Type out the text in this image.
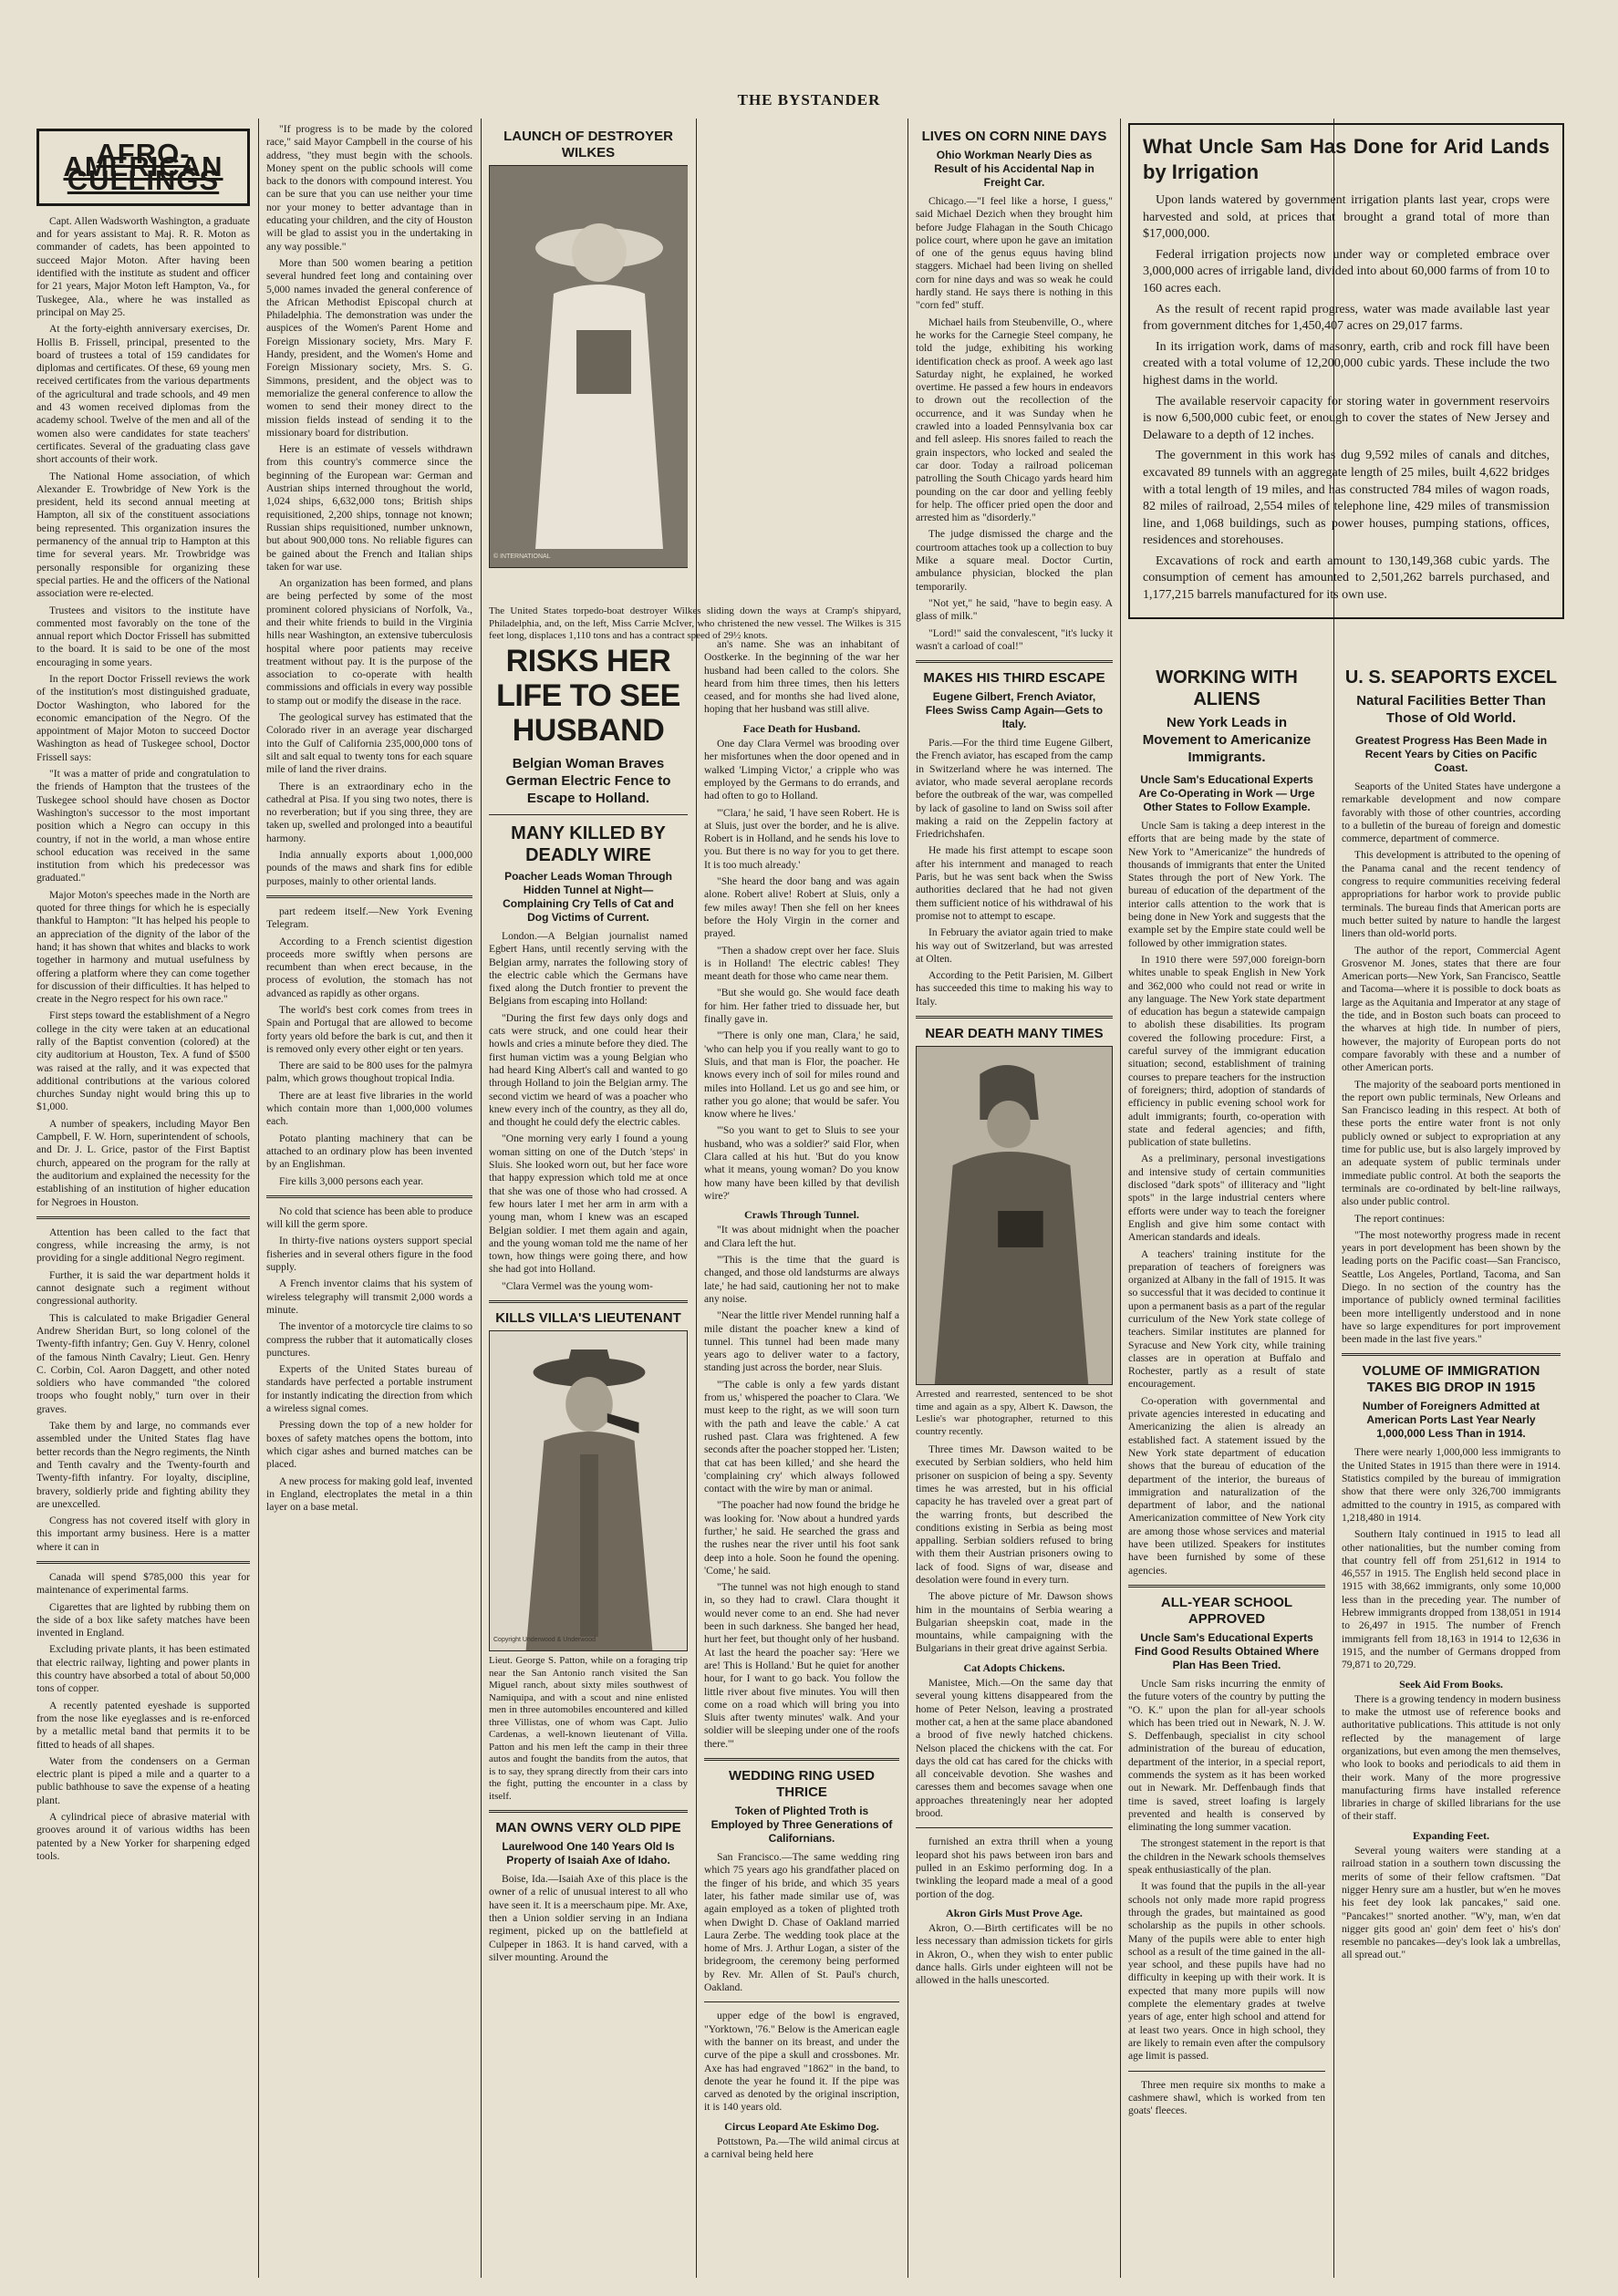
THE BYSTANDER
AFRO-AMERICAN CULLINGS

Capt. Allen Wadsworth Washington, a graduate and for years assistant to Maj. R. R. Moton as commander of cadets, has been appointed to succeed Major Moton. After having been identified with the institute as student and officer for 21 years, Major Moton left Hampton, Va., for Tuskegee, Ala., where he was installed as principal on May 25.

At the forty-eighth anniversary exercises, Dr. Hollis B. Frissell, principal, presented to the board of trustees a total of 159 candidates for diplomas and certificates. Of these, 69 young men received certificates from the various departments of the agricultural and trade schools, and 49 men and 43 women received diplomas from the academy school. Twelve of the men and all of the women also were candidates for state teachers' certificates. Several of the graduating class gave short accounts of their work.

The National Home association, of which Alexander E. Trowbridge of New York is the president, held its second annual meeting at Hampton, all six of the constituent associations being represented. This organization insures the permanency of the annual trip to Hampton at this time for several years. Mr. Trowbridge was personally responsible for organizing these special parties. He and the officers of the National association were re-elected.

Trustees and visitors to the institute have commented most favorably on the tone of the annual report which Doctor Frissell has submitted to the board. It is said to be one of the most encouraging in some years.

In the report Doctor Frissell reviews the work of the institution's most distinguished graduate, Doctor Washington, who labored for the economic emancipation of the Negro. Of the appointment of Major Moton to succeed Doctor Washington as head of Tuskegee school, Doctor Frissell says:

"It was a matter of pride and congratulation to the friends of Hampton that the trustees of the Tuskegee school should have chosen as Doctor Washington's successor to the most important position which a Negro can occupy in this country, if not in the world, a man whose entire school education was received in the same institution from which his predecessor was graduated."

Major Moton's speeches made in the North are quoted for three things for which he is especially thankful to Hampton: "It has helped his people to an appreciation of the dignity of the labor of the hand; it has shown that whites and blacks to work together in harmony and mutual usefulness by offering a platform where they can come together for discussion of their difficulties. It has helped to create in the Negro respect for his own race."

First steps toward the establishment of a Negro college in the city were taken at an educational rally of the Baptist convention (colored) at the city auditorium at Houston, Tex. A fund of $500 was raised at the rally, and it was expected that additional contributions at the various colored churches Sunday night would bring this up to $1,000.

A number of speakers, including Mayor Ben Campbell, F. W. Horn, superintendent of schools, and Dr. J. L. Grice, pastor of the First Baptist church, appeared on the program for the rally at the auditorium and explained the necessity for the establishing of an institution of higher education for Negroes in Houston.

Attention has been called to the fact that congress, while increasing the army, is not providing for a single additional Negro regiment.

Further, it is said the war department holds it cannot designate such a regiment without congressional authority.

This is calculated to make Brigadier General Andrew Sheridan Burt, so long colonel of the Twenty-fifth infantry; Gen. Guy V. Henry, colonel of the famous Ninth Cavalry; Lieut. Gen. Henry C. Corbin, Col. Aaron Daggett, and other noted soldiers who have commanded "the colored troops who fought nobly," turn over in their graves.

Take them by and large, no commands ever assembled under the United States flag have better records than the Negro regiments, the Ninth and Tenth cavalry and the Twenty-fourth and Twenty-fifth infantry. For loyalty, discipline, bravery, soldierly pride and fighting ability they are unexcelled.

Congress has not covered itself with glory in this important army business. Here is a matter where it can in

Canada will spend $785,000 this year for maintenance of experimental farms.

Cigarettes that are lighted by rubbing them on the side of a box like safety matches have been invented in England.

Excluding private plants, it has been estimated that electric railway, lighting and power plants in this country have absorbed a total of about 50,000 tons of copper.

A recently patented eyeshade is supported from the nose like eyeglasses and is re-enforced by a metallic metal band that permits it to be fitted to heads of all shapes.

Water from the condensers on a German electric plant is piped a mile and a quarter to a public bathhouse to save the expense of a heating plant.

A cylindrical piece of abrasive material with grooves around it of various widths has been patented by a New Yorker for sharpening edged tools.

"If progress is to be made by the colored race," said Mayor Campbell in the course of his address, "they must begin with the schools. Money spent on the public schools will come back to the donors with compound interest. You can be sure that you can use neither your time nor your money to better advantage than in educating your children, and the city of Houston will be glad to assist you in the undertaking in any way possible."

More than 500 women bearing a petition several hundred feet long and containing over 5,000 names invaded the general conference of the African Methodist Episcopal church at Philadelphia. The demonstration was under the auspices of the Women's Parent Home and Foreign Missionary society, Mrs. Mary F. Handy, president, and the Women's Home and Foreign Missionary society, Mrs. S. G. Simmons, president, and the object was to memorialize the general conference to allow the women to send their money direct to the mission fields instead of sending it to the missionary board for distribution.

Here is an estimate of vessels withdrawn from this country's commerce since the beginning of the European war: German and Austrian ships interned throughout the world, 1,024 ships, 6,632,000 tons; British ships requisitioned, 2,200 ships, tonnage not known; Russian ships requisitioned, number unknown, but about 900,000 tons. No reliable figures can be gained about the French and Italian ships taken for war use.

An organization has been formed, and plans are being perfected by some of the most prominent colored physicians of Norfolk, Va., and their white friends to build in the Virginia hills near Washington, an extensive tuberculosis hospital where poor patients may receive treatment without pay. It is the purpose of the association to co-operate with health commissions and officials in every way possible to stamp out or modify the disease in the race.

The geological survey has estimated that the Colorado river in an average year discharged into the Gulf of California 235,000,000 tons of silt and salt equal to twenty tons for each square mile of land the river drains.

There is an extraordinary echo in the cathedral at Pisa. If you sing two notes, there is no reverberation; but if you sing three, they are taken up, swelled and prolonged into a beautiful harmony.

India annually exports about 1,000,000 pounds of the maws and shark fins for edible purposes, mainly to other oriental lands.

part redeem itself.—New York Evening Telegram.

According to a French scientist digestion proceeds more swiftly when persons are recumbent than when erect because, in the process of evolution, the stomach has not advanced as rapidly as other organs.

The world's best cork comes from trees in Spain and Portugal that are allowed to become forty years old before the bark is cut, and then it is removed only every other eight or ten years.

There are said to be 800 uses for the palmyra palm, which grows thoughout tropical India.

There are at least five libraries in the world which contain more than 1,000,000 volumes each.

Potato planting machinery that can be attached to an ordinary plow has been invented by an Englishman.

Fire kills 3,000 persons each year.

No cold that science has been able to produce will kill the germ spore.

In thirty-five nations oysters support special fisheries and in several others figure in the food supply.

A French inventor claims that his system of wireless telegraphy will transmit 2,000 words a minute.

The inventor of a motorcycle tire claims to so compress the rubber that it automatically closes punctures.

Experts of the United States bureau of standards have perfected a portable instrument for instantly indicating the direction from which a wireless signal comes.

Pressing down the top of a new holder for boxes of safety matches opens the bottom, into which cigar ashes and burned matches can be placed.

A new process for making gold leaf, invented in England, electroplates the metal in a thin layer on a base metal.

LAUNCH OF DESTROYER WILKES
© INTERNATIONAL
The United States torpedo-boat destroyer Wilkes sliding down the ways at Cramp's shipyard, Philadelphia, and, on the left, Miss Carrie McIver, who christened the new vessel. The Wilkes is 315 feet long, displaces 1,110 tons and has a contract speed of 29½ knots.
RISKS HER LIFE TO SEE HUSBAND
Belgian Woman Braves German Electric Fence to Escape to Holland.
MANY KILLED BY DEADLY WIRE
Poacher Leads Woman Through Hidden Tunnel at Night—Complaining Cry Tells of Cat and Dog Victims of Current.

London.—A Belgian journalist named Egbert Hans, until recently serving with the Belgian army, narrates the following story of the electric cable which the Germans have fixed along the Dutch frontier to prevent the Belgians from escaping into Holland:

"During the first few days only dogs and cats were struck, and one could hear their howls and cries a minute before they died. The first human victim was a young Belgian who had heard King Albert's call and wanted to go through Holland to join the Belgian army. The second victim we heard of was a poacher who knew every inch of the country, as they all do, and thought he could defy the electric cables.

"One morning very early I found a young woman sitting on one of the Dutch 'steps' in Sluis. She looked worn out, but her face wore that happy expression which told me at once that she was one of those who had crossed. A few hours later I met her arm in arm with a young man, whom I knew was an escaped Belgian soldier. I met them again and again, and the young woman told me the name of her town, how things were going there, and how she had got into Holland.

"Clara Vermel was the young wom-

KILLS VILLA'S LIEUTENANT
Copyright Underwood & Underwood
Lieut. George S. Patton, while on a foraging trip near the San Antonio ranch visited the San Miguel ranch, about sixty miles southwest of Namiquipa, and with a scout and nine enlisted men in three automobiles encountered and killed three Villistas, one of whom was Capt. Julio Cardenas, a well-known lieutenant of Villa. Patton and his men left the camp in their three autos and fought the bandits from the autos, that is to say, they sprang directly from their cars into the fight, putting the encounter in a class by itself.
MAN OWNS VERY OLD PIPE
Laurelwood One 140 Years Old Is Property of Isaiah Axe of Idaho.

Boise, Ida.—Isaiah Axe of this place is the owner of a relic of unusual interest to all who have seen it. It is a meerschaum pipe. Mr. Axe, then a Union soldier serving in an Indiana regiment, picked up on the battlefield at Culpeper in 1863. It is hand carved, with a silver mounting. Around the

an's name. She was an inhabitant of Oostkerke. In the beginning of the war her husband had been called to the colors. She heard from him three times, then his letters ceased, and for months she had lived alone, hoping that her husband was still alive.

Face Death for Husband.

One day Clara Vermel was brooding over her misfortunes when the door opened and in walked 'Limping Victor,' a cripple who was employed by the Germans to do errands, and had often to go to Holland.

"'Clara,' he said, 'I have seen Robert. He is at Sluis, just over the border, and he is alive. Robert is in Holland, and he sends his love to you. But there is no way for you to get there. It is too much already.'

"She heard the door bang and was again alone. Robert alive! Robert at Sluis, only a few miles away! Then she fell on her knees before the Holy Virgin in the corner and prayed.

"Then a shadow crept over her face. Sluis is in Holland! The electric cables! They meant death for those who came near them.

"But she would go. She would face death for him. Her father tried to dissuade her, but finally gave in.

"'There is only one man, Clara,' he said, 'who can help you if you really want to go to Sluis, and that man is Flor, the poacher. He knows every inch of soil for miles round and miles into Holland. Let us go and see him, or rather you go alone; that would be safer. You know where he lives.'

"'So you want to get to Sluis to see your husband, who was a soldier?' said Flor, when Clara called at his hut. 'But do you know what it means, young woman? Do you know how many have been killed by that devilish wire?'

Crawls Through Tunnel.

"It was about midnight when the poacher and Clara left the hut.

"'This is the time that the guard is changed, and those old landsturms are always late,' he had said, cautioning her not to make any noise.

"Near the little river Mendel running half a mile distant the poacher knew a kind of tunnel. This tunnel had been made many years ago to deliver water to a factory, standing just across the border, near Sluis.

"'The cable is only a few yards distant from us,' whispered the poacher to Clara. 'We must keep to the right, as we will soon turn with the path and leave the cable.' A cat rushed past. Clara was frightened. A few seconds after the poacher stopped her. 'Listen; that cat has been killed,' and she heard the 'complaining cry' which always followed contact with the wire by man or animal.

"The poacher had now found the bridge he was looking for. 'Now about a hundred yards further,' he said. He searched the grass and the rushes near the river until his foot sank deep into a hole. Soon he found the opening. 'Come,' he said.

"The tunnel was not high enough to stand in, so they had to crawl. Clara thought it would never come to an end. She had never been in such darkness. She banged her head, hurt her feet, but thought only of her husband. At last the heard the poacher say: 'Here we are! This is Holland.' But he quiet for another hour, for I want to go back. You follow the little river about five minutes. You will then come on a road which will bring you into Sluis after twenty minutes' walk. And your soldier will be sleeping under one of the roofs there.'"

WEDDING RING USED THRICE
Token of Plighted Troth is Employed by Three Generations of Californians.

San Francisco.—The same wedding ring which 75 years ago his grandfather placed on the finger of his bride, and which 35 years later, his father made similar use of, was again employed as a token of plighted troth when Dwight D. Chase of Oakland married Laura Zerbe. The wedding took place at the home of Mrs. J. Arthur Logan, a sister of the bridegroom, the ceremony being performed by Rev. Mr. Allen of St. Paul's church, Oakland.

upper edge of the bowl is engraved, "Yorktown, '76." Below is the American eagle with the banner on its breast, and under the curve of the pipe a skull and crossbones. Mr. Axe has had engraved "1862" in the band, to denote the year he found it. If the pipe was carved as denoted by the original inscription, it is 140 years old.

Circus Leopard Ate Eskimo Dog.

Pottstown, Pa.—The wild animal circus at a carnival being held here

LIVES ON CORN NINE DAYS
Ohio Workman Nearly Dies as Result of his Accidental Nap in Freight Car.

Chicago.—"I feel like a horse, I guess," said Michael Dezich when they brought him before Judge Flahagan in the South Chicago police court, where upon he gave an imitation of one of the genus equus having blind staggers. Michael had been living on shelled corn for nine days and was so weak he could hardly stand. He says there is nothing in this "corn fed" stuff.

Michael hails from Steubenville, O., where he works for the Carnegie Steel company, he told the judge, exhibiting his working identification check as proof. A week ago last Saturday night, he explained, he worked overtime. He passed a few hours in endeavors to drown out the recollection of the occurrence, and it was Sunday when he crawled into a loaded Pennsylvania box car and fell asleep. His snores failed to reach the grain inspectors, who locked and sealed the car door. Today a railroad policeman patrolling the South Chicago yards heard him pounding on the car door and yelling feebly for help. The officer pried open the door and arrested him as "disorderly."

The judge dismissed the charge and the courtroom attaches took up a collection to buy Mike a square meal. Doctor Curtin, ambulance physician, blocked the plan temporarily.

"Not yet," he said, "have to begin easy. A glass of milk."

"Lord!" said the convalescent, "it's lucky it wasn't a carload of coal!"

MAKES HIS THIRD ESCAPE
Eugene Gilbert, French Aviator, Flees Swiss Camp Again—Gets to Italy.

Paris.—For the third time Eugene Gilbert, the French aviator, has escaped from the camp in Switzerland where he was interned. The aviator, who made several aeroplane records before the outbreak of the war, was compelled by lack of gasoline to land on Swiss soil after making a raid on the Zeppelin factory at Friedrichshafen.

He made his first attempt to escape soon after his internment and managed to reach Paris, but he was sent back when the Swiss authorities declared that he had not given them sufficient notice of his withdrawal of his promise not to attempt to escape.

In February the aviator again tried to make his way out of Switzerland, but was arrested at Olten.

According to the Petit Parisien, M. Gilbert has succeeded this time to making his way to Italy.

NEAR DEATH MANY TIMES
Arrested and rearrested, sentenced to be shot time and again as a spy, Albert K. Dawson, the Leslie's war photographer, returned to this country recently.

Three times Mr. Dawson waited to be executed by Serbian soldiers, who held him prisoner on suspicion of being a spy. Seventy times he was arrested, but in his official capacity he has traveled over a great part of the warring fronts, but described the conditions existing in Serbia as being most appalling. Serbian soldiers refused to bring with them their Austrian prisoners owing to lack of food. Signs of war, disease and desolation were found in every turn.

The above picture of Mr. Dawson shows him in the mountains of Serbia wearing a Bulgarian sheepskin coat, made in the mountains, while campaigning with the Bulgarians in their great drive against Serbia.

Cat Adopts Chickens.

Manistee, Mich.—On the same day that several young kittens disappeared from the home of Peter Nelson, leaving a prostrated mother cat, a hen at the same place abandoned a brood of five newly hatched chickens. Nelson placed the chickens with the cat. For days the old cat has cared for the chicks with all conceivable devotion. She washes and caresses them and becomes savage when one approaches threateningly near her adopted brood.

furnished an extra thrill when a young leopard shot his paws between iron bars and pulled in an Eskimo performing dog. In a twinkling the leopard made a meal of a good portion of the dog.

Akron Girls Must Prove Age.

Akron, O.—Birth certificates will be no less necessary than admission tickets for girls in Akron, O., when they wish to enter public dance halls. Girls under eighteen will not be allowed in the halls unescorted.

What Uncle Sam Has Done for Arid Lands by Irrigation

Upon lands watered by government irrigation plants last year, crops were harvested and sold, at prices that brought a grand total of more than $17,000,000.

Federal irrigation projects now under way or completed embrace over 3,000,000 acres of irrigable land, divided into about 60,000 farms of from 10 to 160 acres each.

As the result of recent rapid progress, water was made available last year from government ditches for 1,450,407 acres on 29,017 farms.

In its irrigation work, dams of masonry, earth, crib and rock fill have been created with a total volume of 12,200,000 cubic yards. These include the two highest dams in the world.

The available reservoir capacity for storing water in government reservoirs is now 6,500,000 cubic feet, or enough to cover the states of New Jersey and Delaware to a depth of 12 inches.

The government in this work has dug 9,592 miles of canals and ditches, excavated 89 tunnels with an aggregate length of 25 miles, built 4,622 bridges with a total length of 19 miles, and has constructed 784 miles of wagon roads, 82 miles of railroad, 2,554 miles of telephone line, 429 miles of transmission line, and 1,068 buildings, such as power houses, pumping stations, offices, residences and storehouses.

Excavations of rock and earth amount to 130,149,368 cubic yards. The consumption of cement has amounted to 2,501,262 barrels purchased, and 1,177,215 barrels manufactured for its own use.

WORKING WITH ALIENS
New York Leads in Movement to Americanize Immigrants.
Uncle Sam's Educational Experts Are Co-Operating in Work — Urge Other States to Follow Example.

Uncle Sam is taking a deep interest in the efforts that are being made by the state of New York to "Americanize" the hundreds of thousands of immigrants that enter the United States through the port of New York. The bureau of education of the department of the interior calls attention to the work that is being done in New York and suggests that the example set by the Empire state could well be followed by other immigration states.

In 1910 there were 597,000 foreign-born whites unable to speak English in New York and 362,000 who could not read or write in any language. The New York state department of education has begun a statewide campaign to abolish these disabilities. Its program covered the following procedure: First, a careful survey of the immigrant education situation; second, establishment of training courses to prepare teachers for the instruction of foreigners; third, adoption of standards of efficiency in public evening school work for adult immigrants; fourth, co-operation with state and federal agencies; and fifth, publication of state bulletins.

As a preliminary, personal investigations and intensive study of certain communities disclosed "dark spots" of illiteracy and "light spots" in the large industrial centers where efforts were under way to teach the foreigner English and give him some contact with American standards and ideals.

A teachers' training institute for the preparation of teachers of foreigners was organized at Albany in the fall of 1915. It was so successful that it was decided to continue it upon a permanent basis as a part of the regular curriculum of the New York state college of teachers. Similar institutes are planned for Syracuse and New York city, while training classes are in operation at Buffalo and Rochester, partly as a result of state encouragement.

Co-operation with governmental and private agencies interested in educating and Americanizing the alien is already an established fact. A statement issued by the New York state department of education shows that the bureau of education of the department of the interior, the bureaus of immigration and naturalization of the department of labor, and the national Americanization committee of New York city are among those whose services and material have been utilized. Speakers for institutes have been furnished by some of these agencies.

ALL-YEAR SCHOOL APPROVED
Uncle Sam's Educational Experts Find Good Results Obtained Where Plan Has Been Tried.

Uncle Sam risks incurring the enmity of the future voters of the country by putting the "O. K." upon the plan for all-year schools which has been tried out in Newark, N. J. W. S. Deffenbaugh, specialist in city school administration of the bureau of education, department of the interior, in a special report, commends the system as it has been worked out in Newark. Mr. Deffenbaugh finds that time is saved, street loafing is largely prevented and health is conserved by eliminating the long summer vacation.

The strongest statement in the report is that the children in the Newark schools themselves speak enthusiastically of the plan.

It was found that the pupils in the all-year schools not only made more rapid progress through the grades, but maintained as good scholarship as the pupils in other schools. Many of the pupils were able to enter high school as a result of the time gained in the all-year school, and these pupils have had no difficulty in keeping up with their work. It is expected that many more pupils will now complete the elementary grades at twelve years of age, enter high school and attend for at least two years. Once in high school, they are likely to remain even after the compulsory age limit is passed.

Three men require six months to make a cashmere shawl, which is worked from ten goats' fleeces.

U. S. SEAPORTS EXCEL
Natural Facilities Better Than Those of Old World.
Greatest Progress Has Been Made in Recent Years by Cities on Pacific Coast.

Seaports of the United States have undergone a remarkable development and now compare favorably with those of other countries, according to a bulletin of the bureau of foreign and domestic commerce, department of commerce.

This development is attributed to the opening of the Panama canal and the recent tendency of congress to require communities receiving federal appropriations for harbor work to provide public terminals. The bureau finds that American ports are much better suited by nature to handle the largest liners than old-world ports.

The author of the report, Commercial Agent Grosvenor M. Jones, states that there are four American ports—New York, San Francisco, Seattle and Tacoma—where it is possible to dock boats as large as the Aquitania and Imperator at any stage of the tide, and in Boston such boats can proceed to the wharves at high tide. In number of piers, however, the majority of European ports do not compare favorably with these and a number of other American ports.

The majority of the seaboard ports mentioned in the report own public terminals, New Orleans and San Francisco leading in this respect. At both of these ports the entire water front is not only publicly owned or subject to expropriation at any time for public use, but is also largely improved by an adequate system of public terminals under immediate public control. At both the seaports the terminals are co-ordinated by belt-line railways, also under public control.

The report continues:

"The most noteworthy progress made in recent years in port development has been shown by the leading ports on the Pacific coast—San Francisco, Seattle, Los Angeles, Portland, Tacoma, and San Diego. In no section of the country has the importance of publicly owned terminal facilities been more intelligently understood and in none have so large expenditures for port improvement been made in the last five years."

VOLUME OF IMMIGRATION TAKES BIG DROP IN 1915
Number of Foreigners Admitted at American Ports Last Year Nearly 1,000,000 Less Than in 1914.

There were nearly 1,000,000 less immigrants to the United States in 1915 than there were in 1914. Statistics compiled by the bureau of immigration show that there were only 326,700 immigrants admitted to the country in 1915, as compared with 1,218,480 in 1914.

Southern Italy continued in 1915 to lead all other nationalities, but the number coming from that country fell off from 251,612 in 1914 to 46,557 in 1915. The English held second place in 1915 with 38,662 immigrants, only some 10,000 less than in the preceding year. The number of Hebrew immigrants dropped from 138,051 in 1914 to 26,497 in 1915. The number of French immigrants fell from 18,163 in 1914 to 12,636 in 1915, and the number of Germans dropped from 79,871 to 20,729.

Seek Aid From Books.

There is a growing tendency in modern business to make the utmost use of reference books and authoritative publications. This attitude is not only reflected by the management of large organizations, but even among the men themselves, who look to books and periodicals to aid them in their work. Many of the more progressive manufacturing firms have installed reference libraries in charge of skilled librarians for the use of their staff.

Expanding Feet.

Several young waiters were standing at a railroad station in a southern town discussing the merits of some of their fellow craftsmen. "Dat nigger Henry sure am a hustler, but w'en he moves his feet dey look lak pancakes," said one. "Pancakes!" snorted another. "W'y, man, w'en dat nigger gits good an' goin' dem feet o' his's don' resemble no pancakes—dey's look lak a umbrellas, all spread out."
